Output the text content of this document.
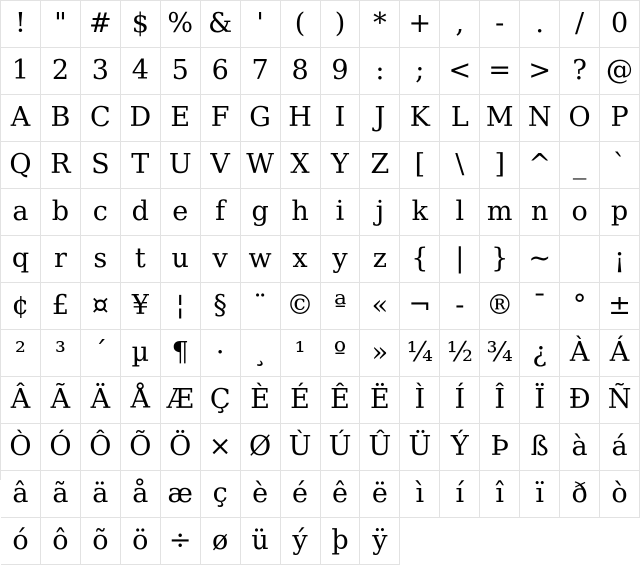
!	" # $ % & '	(	)	* + ,	-	.	/ 0
1 2 3 4 5 6 7 8 9 :	; < = > ? @
A B C D E F G H I	J K L M N O P
Q R S T U V W X Y Z [	\	] ^ _ `
a b c d e f g h i	j	k	l m n o p
q r s	t u v w x y z { | } ~	¡
¢ £ ¤ ¥ ¦	§ ¨ © ª « ¬ - ® ¯ ° ±
²	³	´ µ ¶	·	¸	¹	º » ¼ ½ ¾ ¿ À Á
Â Ã Ä Å Æ Ç È É Ê Ë Ì	Í	Î	Ï Ð Ñ
Ò Ó Ô Õ Ö × Ø Ù Ú Û Ü Ý Þ ß à á
â ã ä å æ ç è é ê ë	ì	í	î	ï	ð ò
ó ô õ ö ÷ ø ü ý þ ÿ
